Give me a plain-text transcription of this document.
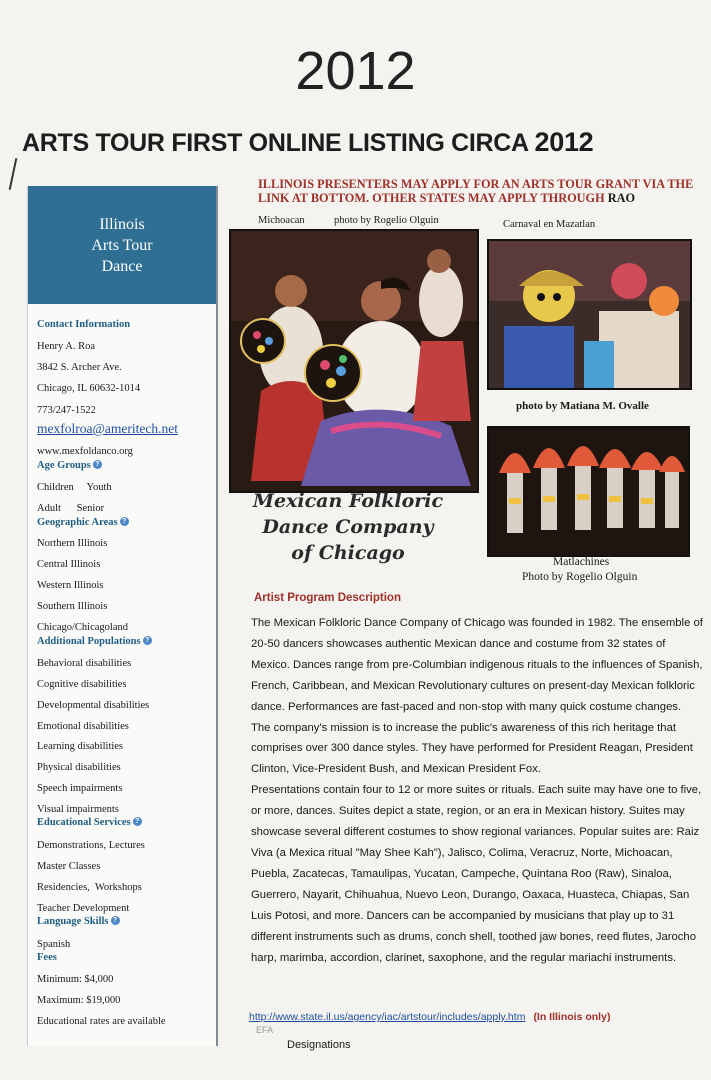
2012
ARTS TOUR FIRST ONLINE LISTING CIRCA 2012
Illinois
Arts Tour
Dance
Contact Information
Henry A. Roa
3842 S. Archer Ave.
Chicago, IL 60632-1014
773/247-1522
mexfolroa@ameritech.net
www.mexfoldanco.org
Age Groups ?
Children     Youth
Adult      Senior
Geographic Areas ?
Northern Illinois
Central Illinois
Western Illinois
Southern Illinois
Chicago/Chicagoland
Additional Populations ?
Behavioral disabilities
Cognitive disabilities
Developmental disabilities
Emotional disabilities
Learning disabilities
Physical disabilities
Speech impairments
Visual impairments
Educational Services ?
Demonstrations, Lectures
Master Classes
Residencies,  Workshops
Teacher Development
Language Skills ?
Spanish
Fees
Minimum: $4,000
Maximum: $19,000
Educational rates are available
ILLINOIS PRESENTERS MAY APPLY FOR AN ARTS TOUR GRANT VIA THE LINK AT BOTTOM. OTHER STATES MAY APPLY THROUGH RAO
Michoacan	photo by Rogelio Olguin	Carnaval en Mazatlan
photo by Matiana M. Ovalle
Matlachines
Photo by Rogelio Olguin
Mexican Folkloric
Dance Company
of Chicago
Artist Program Description

The Mexican Folkloric Dance Company of Chicago was founded in 1982. The ensemble of 20-50 dancers showcases authentic Mexican dance and costume from 32 states of Mexico. Dances range from pre-Columbian indigenous rituals to the influences of Spanish, French, Caribbean, and Mexican Revolutionary cultures on present-day Mexican folkloric dance. Performances are fast-paced and non-stop with many quick costume changes. The company's mission is to increase the public's awareness of this rich heritage that comprises over 300 dance styles. They have performed for President Reagan, President Clinton, Vice-President Bush, and Mexican President Fox.

Presentations contain four to 12 or more suites or rituals. Each suite may have one to five, or more, dances. Suites depict a state, region, or an era in Mexican history. Suites may showcase several different costumes to show regional variances. Popular suites are: Raiz Viva (a Mexica ritual "May Shee Kah"), Jalisco, Colima, Veracruz, Norte, Michoacan, Puebla, Zacatecas, Tamaulipas, Yucatan, Campeche, Quintana Roo (Raw), Sinaloa, Guerrero, Nayarit, Chihuahua, Nuevo Leon, Durango, Oaxaca, Huasteca, Chiapas, San Luis Potosi, and more. Dancers can be accompanied by musicians that play up to 31 different instruments such as drums, conch shell, toothed jaw bones, reed flutes, Jarocho harp, marimba, accordion, clarinet, saxophone, and the regular mariachi instruments.

http://www.state.il.us/agency/iac/artstour/includes/apply.htm (In Illinois only)
EFA
Designations
